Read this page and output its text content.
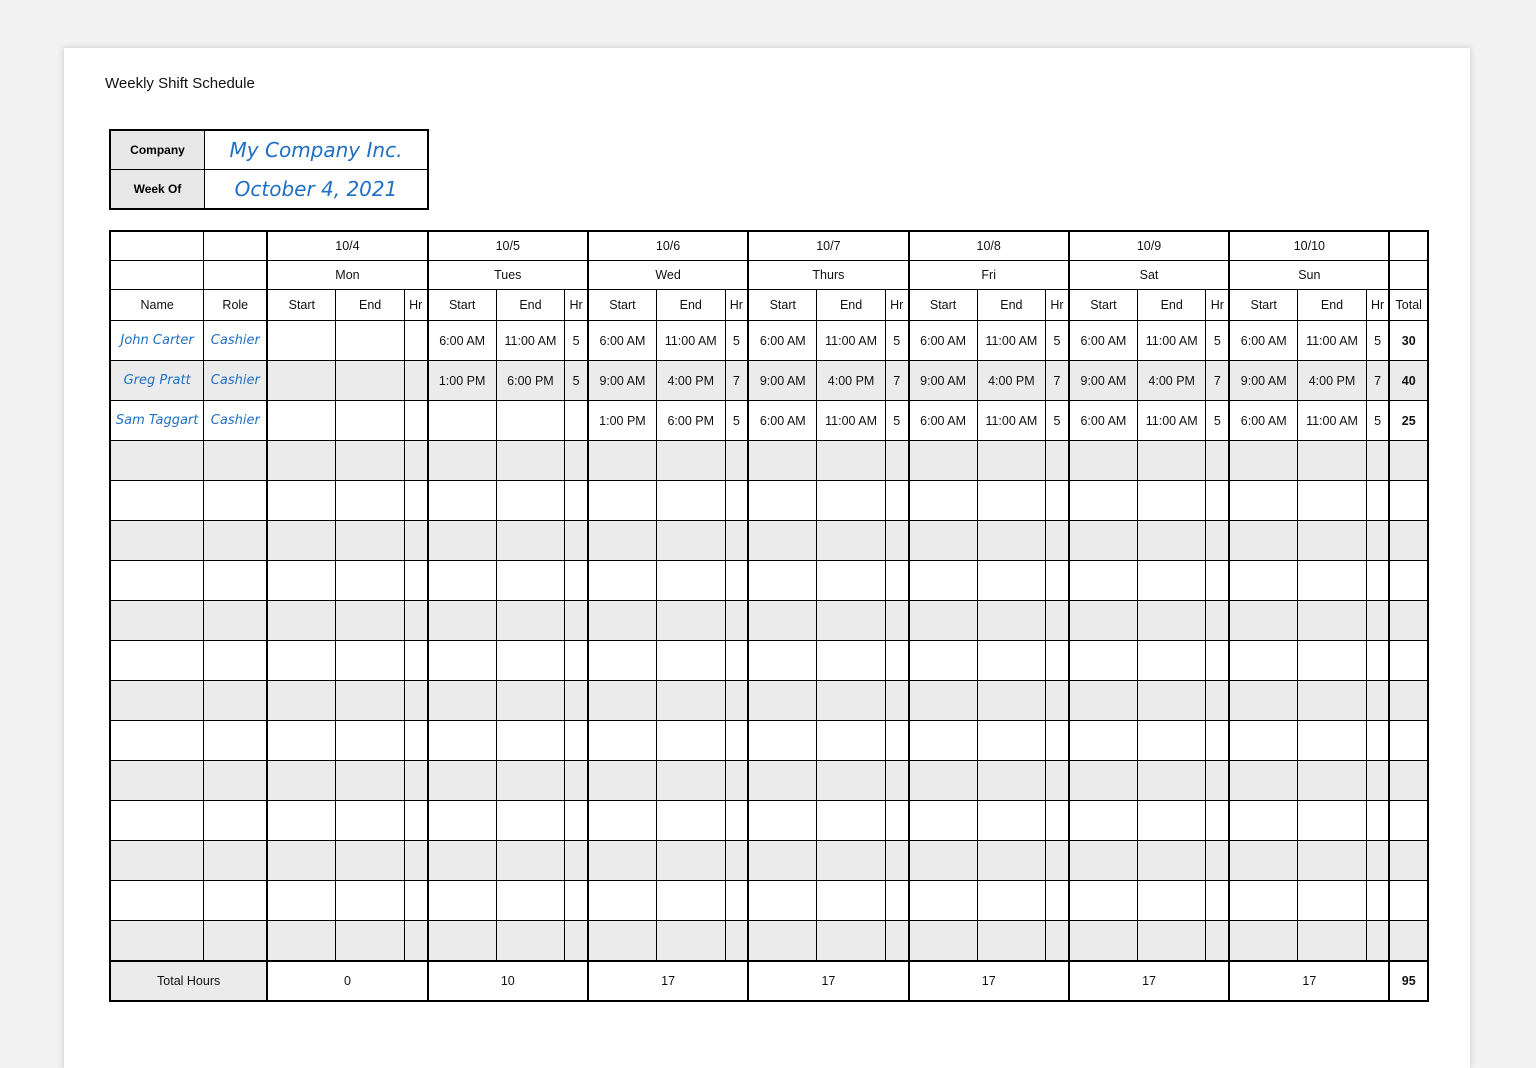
Weekly Shift Schedule
Company	My Company Inc.
Week Of	October 4, 2021
		10/4			10/5			10/6			10/7			10/8			10/9			10/10			
		Mon			Tues			Wed			Thurs			Fri			Sat			Sun			
Name	Role	Start	End	Hr	Start	End	Hr	Start	End	Hr	Start	End	Hr	Start	End	Hr	Start	End	Hr	Start	End	Hr	Total
John Carter	Cashier				6:00 AM	11:00 AM	5	6:00 AM	11:00 AM	5	6:00 AM	11:00 AM	5	6:00 AM	11:00 AM	5	6:00 AM	11:00 AM	5	6:00 AM	11:00 AM	5	30
Greg Pratt	Cashier				1:00 PM	6:00 PM	5	9:00 AM	4:00 PM	7	9:00 AM	4:00 PM	7	9:00 AM	4:00 PM	7	9:00 AM	4:00 PM	7	9:00 AM	4:00 PM	7	40
Sam Taggart	Cashier							1:00 PM	6:00 PM	5	6:00 AM	11:00 AM	5	6:00 AM	11:00 AM	5	6:00 AM	11:00 AM	5	6:00 AM	11:00 AM	5	25

Total Hours		0			10			17			17			17			17			17			95
